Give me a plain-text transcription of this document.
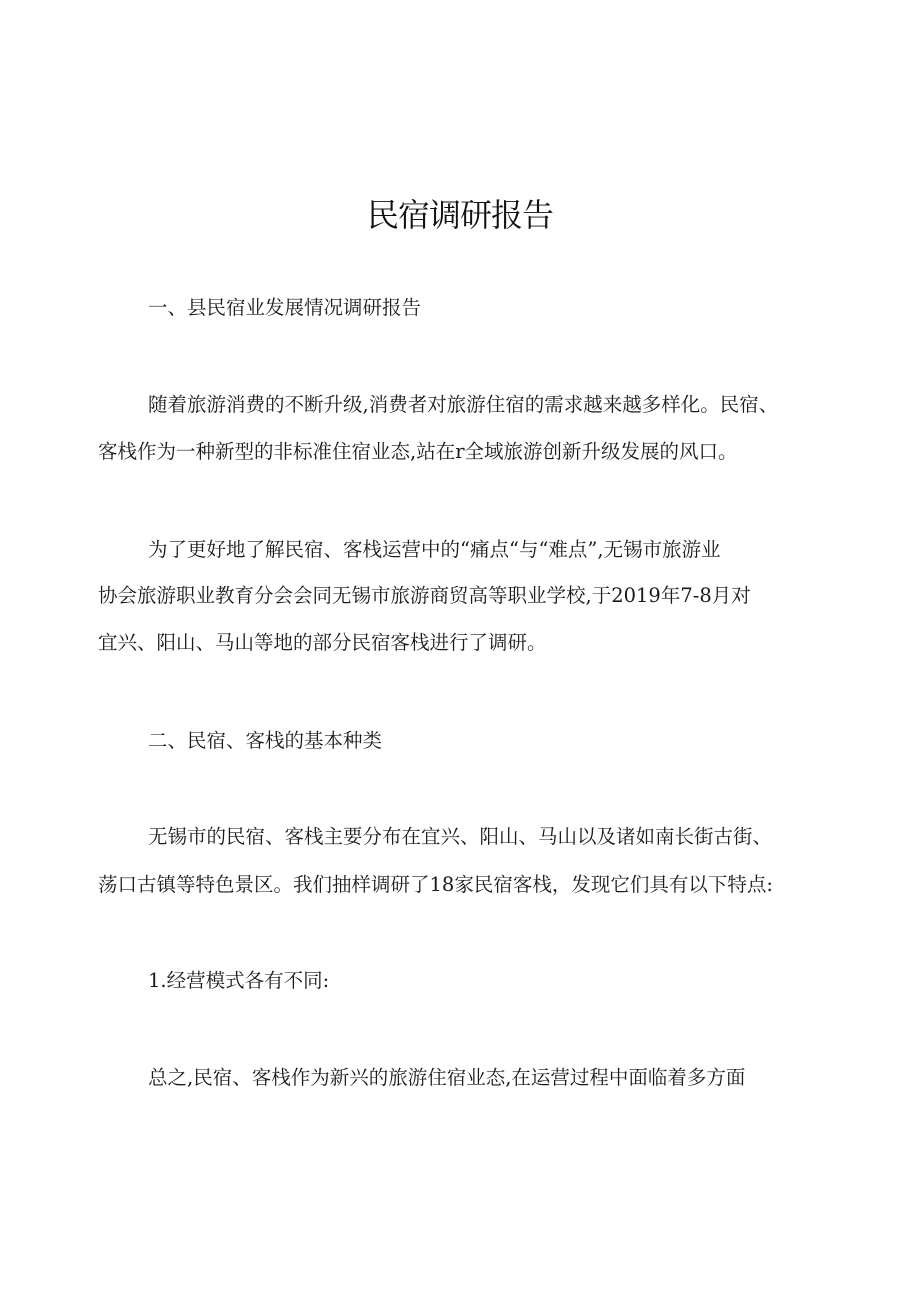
民宿调研报告

一、县民宿业发展情况调研报告

随着旅游消费的不断升级,消费者对旅游住宿的需求越来越多样化。民宿、

客栈作为一种新型的非标准住宿业态,站在r全域旅游创新升级发展的风口。

为了更好地了解民宿、客栈运营中的“痛点“与“难点”,无锡市旅游业

协会旅游职业教育分会会同无锡市旅游商贸高等职业学校,于2019年7-8月对

宜兴、阳山、马山等地的部分民宿客栈进行了调研。

二、民宿、客栈的基本种类

无锡市的民宿、客栈主要分布在宜兴、阳山、马山以及诸如南长街古街、

荡口古镇等特色景区。我们抽样调研了18家民宿客栈，发现它们具有以下特点:

1.经营模式各有不同:

总之,民宿、客栈作为新兴的旅游住宿业态,在运营过程中面临着多方面
